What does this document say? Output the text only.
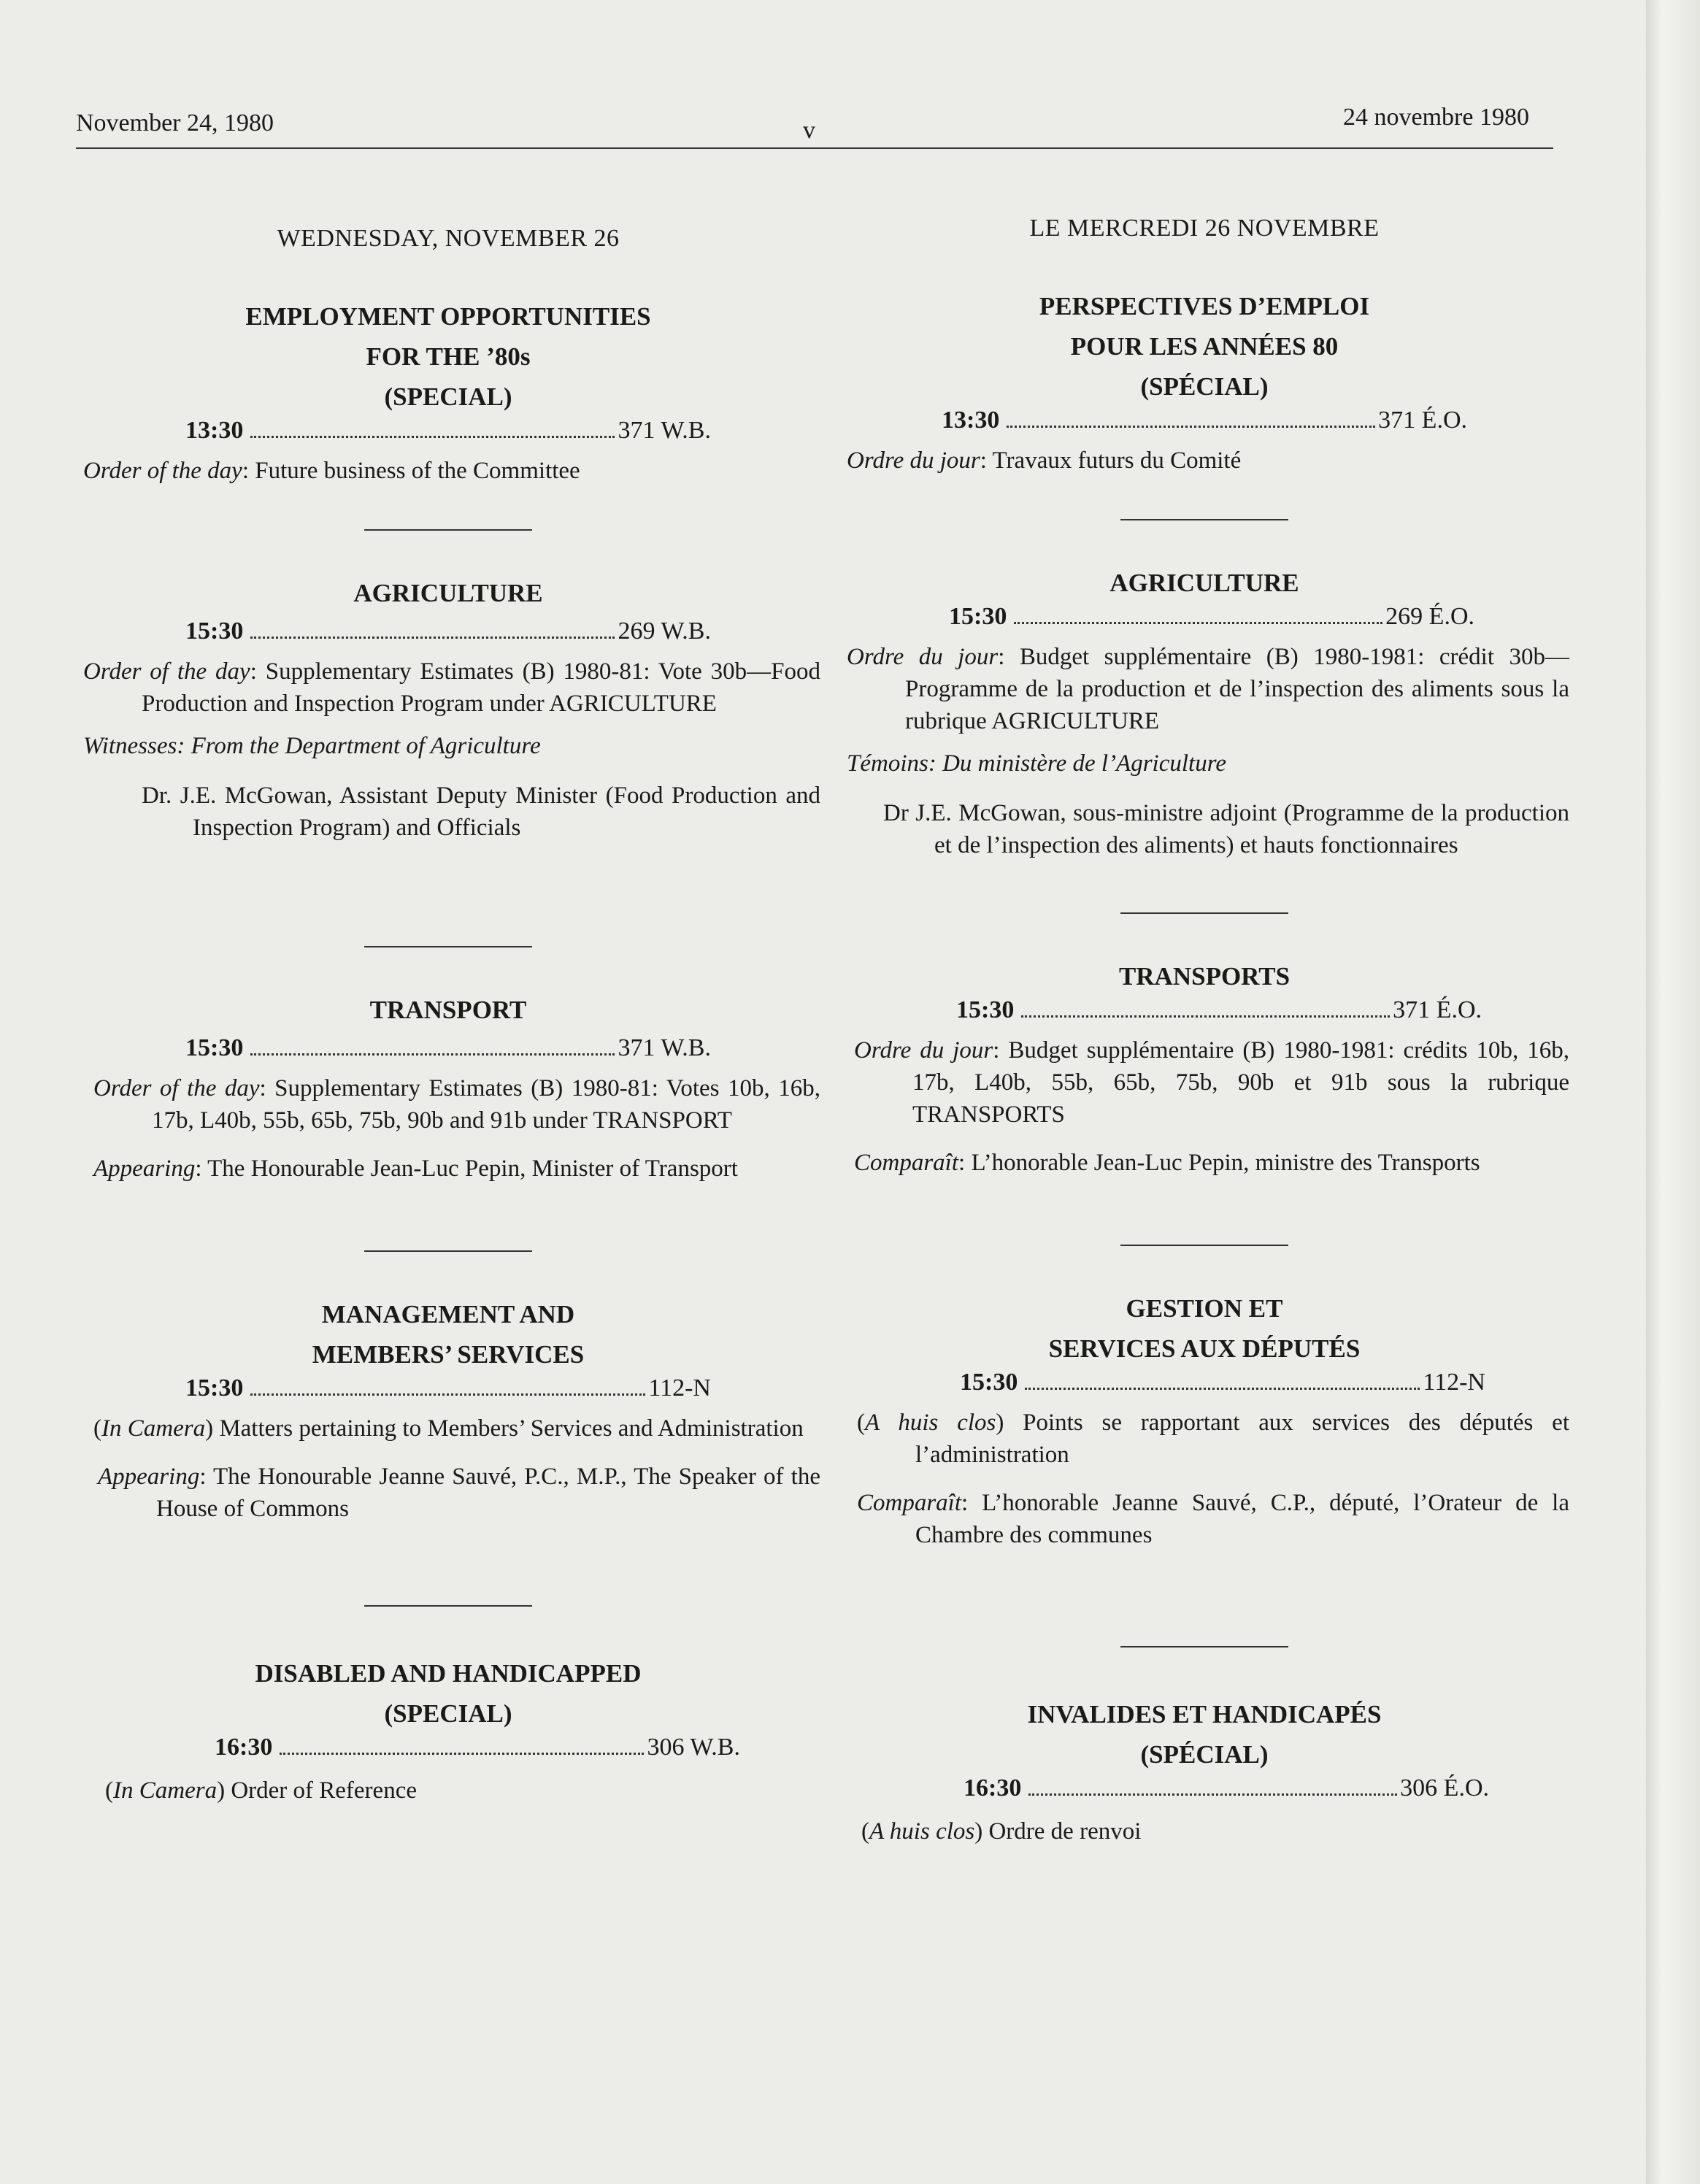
November 24, 1980	v	24 novembre 1980
WEDNESDAY, NOVEMBER 26
EMPLOYMENT OPPORTUNITIES
FOR THE ’80s
(SPECIAL)
13:30	371 W.B.
Order of the day: Future business of the Committee
AGRICULTURE
15:30	269 W.B.
Order of the day: Supplementary Estimates (B) 1980-81: Vote 30b—Food Production and Inspection Program under AGRICULTURE
Witnesses: From the Department of Agriculture
Dr. J.E. McGowan, Assistant Deputy Minister (Food Production and Inspection Program) and Officials
TRANSPORT
15:30	371 W.B.
Order of the day: Supplementary Estimates (B) 1980-81: Votes 10b, 16b, 17b, L40b, 55b, 65b, 75b, 90b and 91b under TRANSPORT
Appearing: The Honourable Jean-Luc Pepin, Minister of Transport
MANAGEMENT AND
MEMBERS’ SERVICES
15:30	112-N
(In Camera) Matters pertaining to Members’ Services and Administration
Appearing: The Honourable Jeanne Sauvé, P.C., M.P., The Speaker of the House of Commons
DISABLED AND HANDICAPPED
(SPECIAL)
16:30	306 W.B.
(In Camera) Order of Reference
LE MERCREDI 26 NOVEMBRE
PERSPECTIVES D’EMPLOI
POUR LES ANNÉES 80
(SPÉCIAL)
13:30	371 É.O.
Ordre du jour: Travaux futurs du Comité
AGRICULTURE
15:30	269 É.O.
Ordre du jour: Budget supplémentaire (B) 1980-1981: crédit 30b—Programme de la production et de l’inspection des aliments sous la rubrique AGRICULTURE
Témoins: Du ministère de l’Agriculture
Dr J.E. McGowan, sous-ministre adjoint (Programme de la production et de l’inspection des aliments) et hauts fonctionnaires
TRANSPORTS
15:30	371 É.O.
Ordre du jour: Budget supplémentaire (B) 1980-1981: crédits 10b, 16b, 17b, L40b, 55b, 65b, 75b, 90b et 91b sous la rubrique TRANSPORTS
Comparaît: L’honorable Jean-Luc Pepin, ministre des Transports
GESTION ET
SERVICES AUX DÉPUTÉS
15:30	112-N
(A huis clos) Points se rapportant aux services des députés et l’administration
Comparaît: L’honorable Jeanne Sauvé, C.P., député, l’Orateur de la Chambre des communes
INVALIDES ET HANDICAPÉS
(SPÉCIAL)
16:30	306 É.O.
(A huis clos) Ordre de renvoi
